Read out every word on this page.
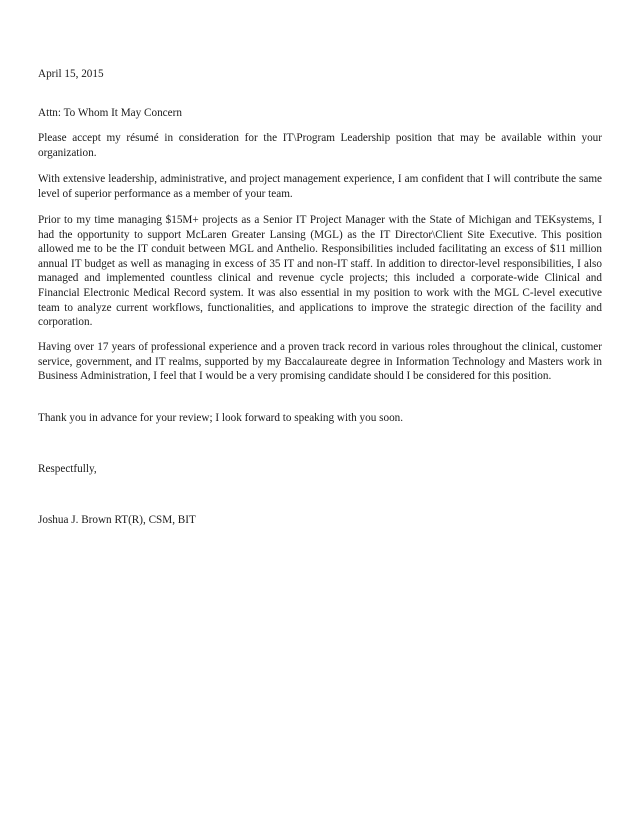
April 15, 2015

Attn: To Whom It May Concern

Please accept my résumé in consideration for the IT\Program Leadership position that may be available within your organization.

With extensive leadership, administrative, and project management experience, I am confident that I will contribute the same level of superior performance as a member of your team.

Prior to my time managing $15M+ projects as a Senior IT Project Manager with the State of Michigan and TEKsystems, I had the opportunity to support McLaren Greater Lansing (MGL) as the IT Director\Client Site Executive. This position allowed me to be the IT conduit between MGL and Anthelio. Responsibilities included facilitating an excess of $11 million annual IT budget as well as managing in excess of 35 IT and non-IT staff. In addition to director-level responsibilities, I also managed and implemented countless clinical and revenue cycle projects; this included a corporate-wide Clinical and Financial Electronic Medical Record system. It was also essential in my position to work with the MGL C-level executive team to analyze current workflows, functionalities, and applications to improve the strategic direction of the facility and corporation.

Having over 17 years of professional experience and a proven track record in various roles throughout the clinical, customer service, government, and IT realms, supported by my Baccalaureate degree in Information Technology and Masters work in Business Administration, I feel that I would be a very promising candidate should I be considered for this position.

Thank you in advance for your review; I look forward to speaking with you soon.

Respectfully,

Joshua J. Brown RT(R), CSM, BIT
